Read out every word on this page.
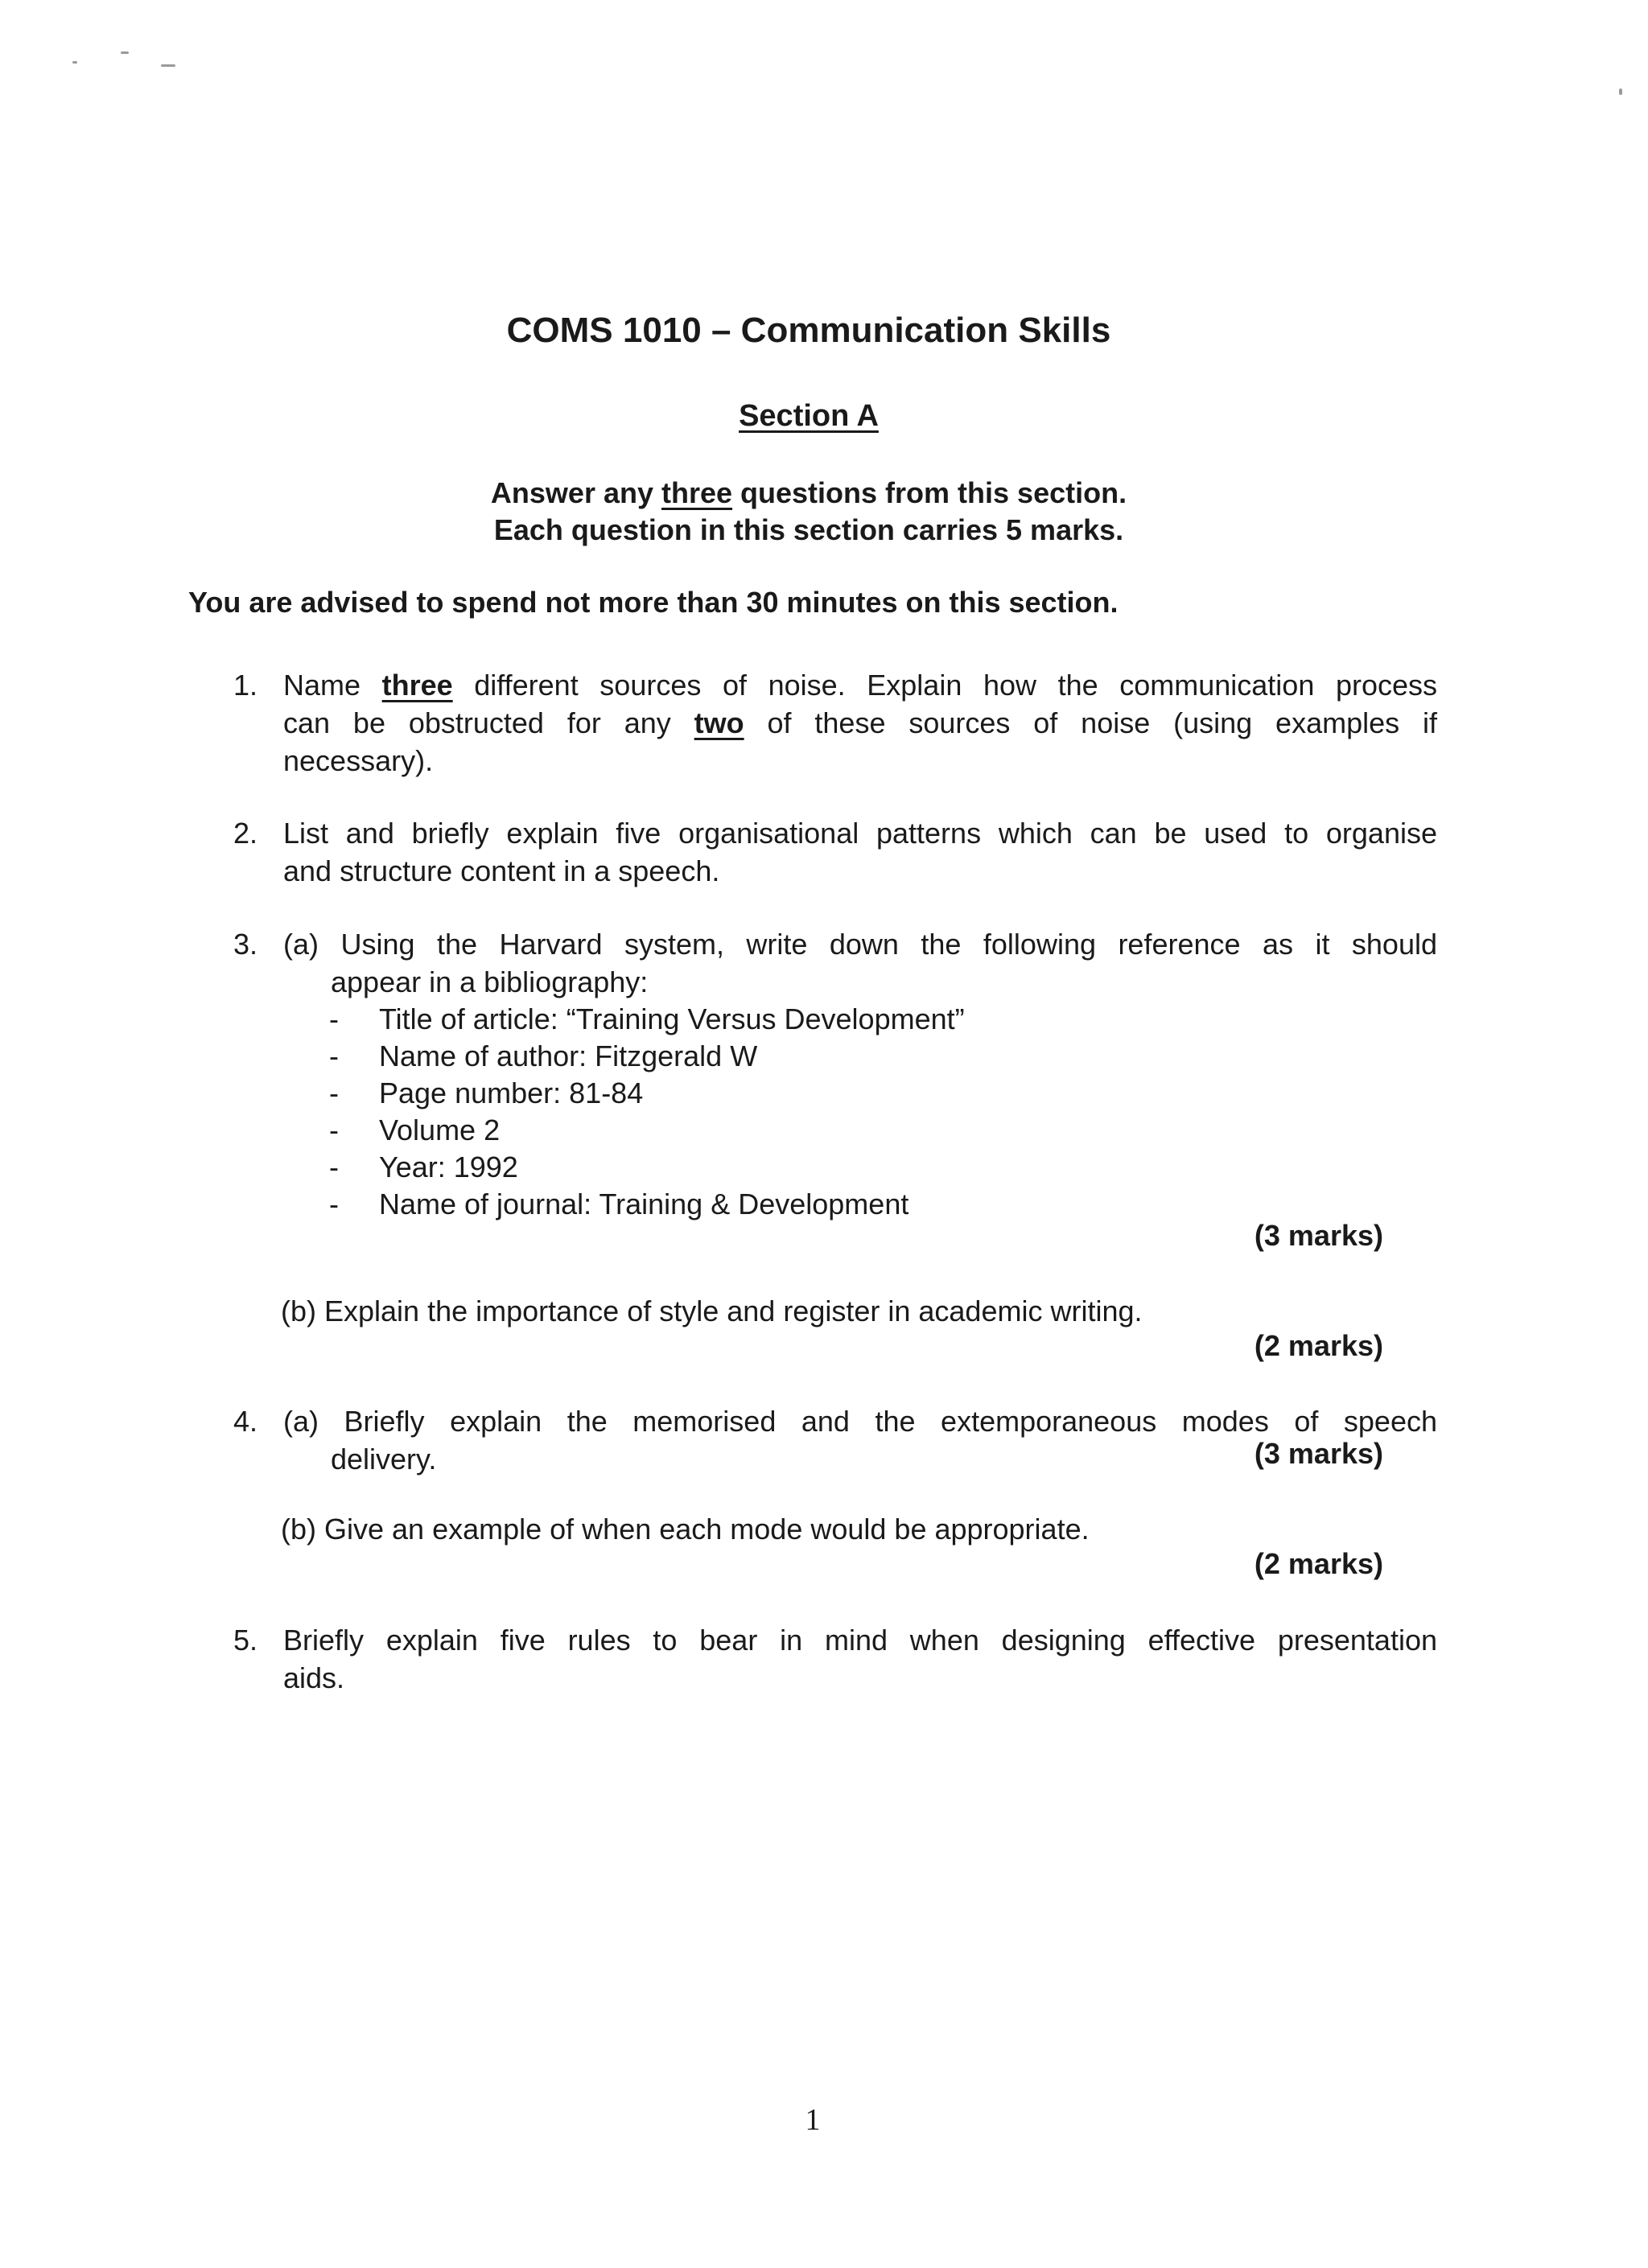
COMS 1010 – Communication Skills
Section A
Answer any three questions from this section.
Each question in this section carries 5 marks.
You are advised to spend not more than 30 minutes on this section.
1. Name three different sources of noise. Explain how the communication process
can be obstructed for any two of these sources of noise (using examples if
necessary).
2. List and briefly explain five organisational patterns which can be used to organise
and structure content in a speech.
3. (a) Using the Harvard system, write down the following reference as it should
appear in a bibliography:
- Title of article: “Training Versus Development”
- Name of author: Fitzgerald W
- Page number: 81-84
- Volume 2
- Year: 1992
- Name of journal: Training & Development
(3 marks)
(b) Explain the importance of style and register in academic writing.
(2 marks)
4. (a) Briefly explain the memorised and the extemporaneous modes of speech
delivery.	(3 marks)
(b) Give an example of when each mode would be appropriate.
(2 marks)
5. Briefly explain five rules to bear in mind when designing effective presentation
aids.
1
